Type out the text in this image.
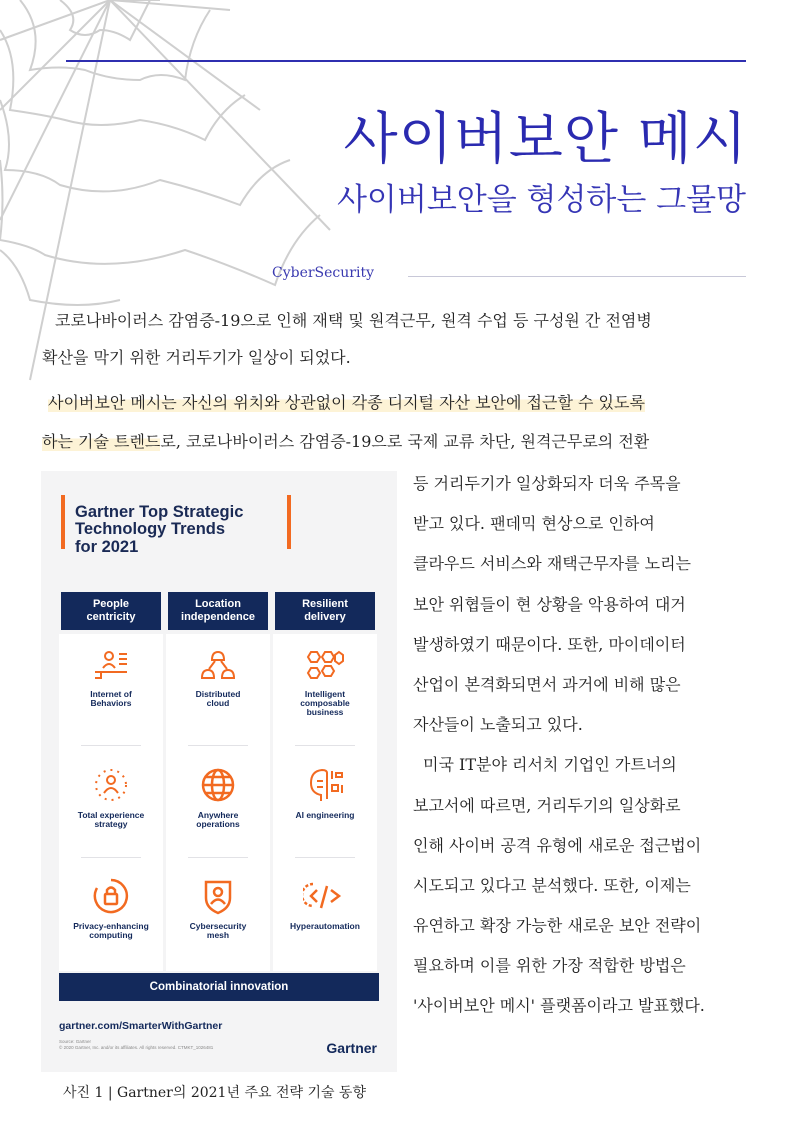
사이버보안 메시
사이버보안을 형성하는 그물망
CyberSecurity
코로나바이러스 감염증-19으로 인해 재택 및 원격근무, 원격 수업 등 구성원 간 전염병
확산을 막기 위한 거리두기가 일상이 되었다.
사이버보안 메시는 자신의 위치와 상관없이 각종 디지털 자산 보안에 접근할 수 있도록
하는 기술 트렌드로, 코로나바이러스 감염증-19으로 국제 교류 차단, 원격근무로의 전환
등 거리두기가 일상화되자 더욱 주목을
받고 있다. 팬데믹 현상으로 인하여
클라우드 서비스와 재택근무자를 노리는
보안 위협들이 현 상황을 악용하여 대거
발생하였기 때문이다. 또한, 마이데이터
산업이 본격화되면서 과거에 비해 많은
자산들이 노출되고 있다.
미국 IT분야 리서치 기업인 가트너의
보고서에 따르면, 거리두기의 일상화로
인해 사이버 공격 유형에 새로운 접근법이
시도되고 있다고 분석했다. 또한, 이제는
유연하고 확장 가능한 새로운 보안 전략이
필요하며 이를 위한 가장 적합한 방법은
'사이버보안 메시' 플랫폼이라고 발표했다.
Gartner Top Strategic
Technology Trends
for 2021
People
centricity
Location
independence
Resilient
delivery
Internet of
Behaviors
Distributed
cloud
Intelligent
composable
business
Total experience
strategy
Anywhere
operations
AI engineering
Privacy-enhancing
computing
Cybersecurity
mesh
Hyperautomation
Combinatorial innovation
gartner.com/SmarterWithGartner
Source: Gartner
© 2020 Gartner, Inc. and/or its affiliates. All rights reserved. CTMKT_1026481	Gartner
사진 1 | Gartner의 2021년 주요 전략 기술 동향
